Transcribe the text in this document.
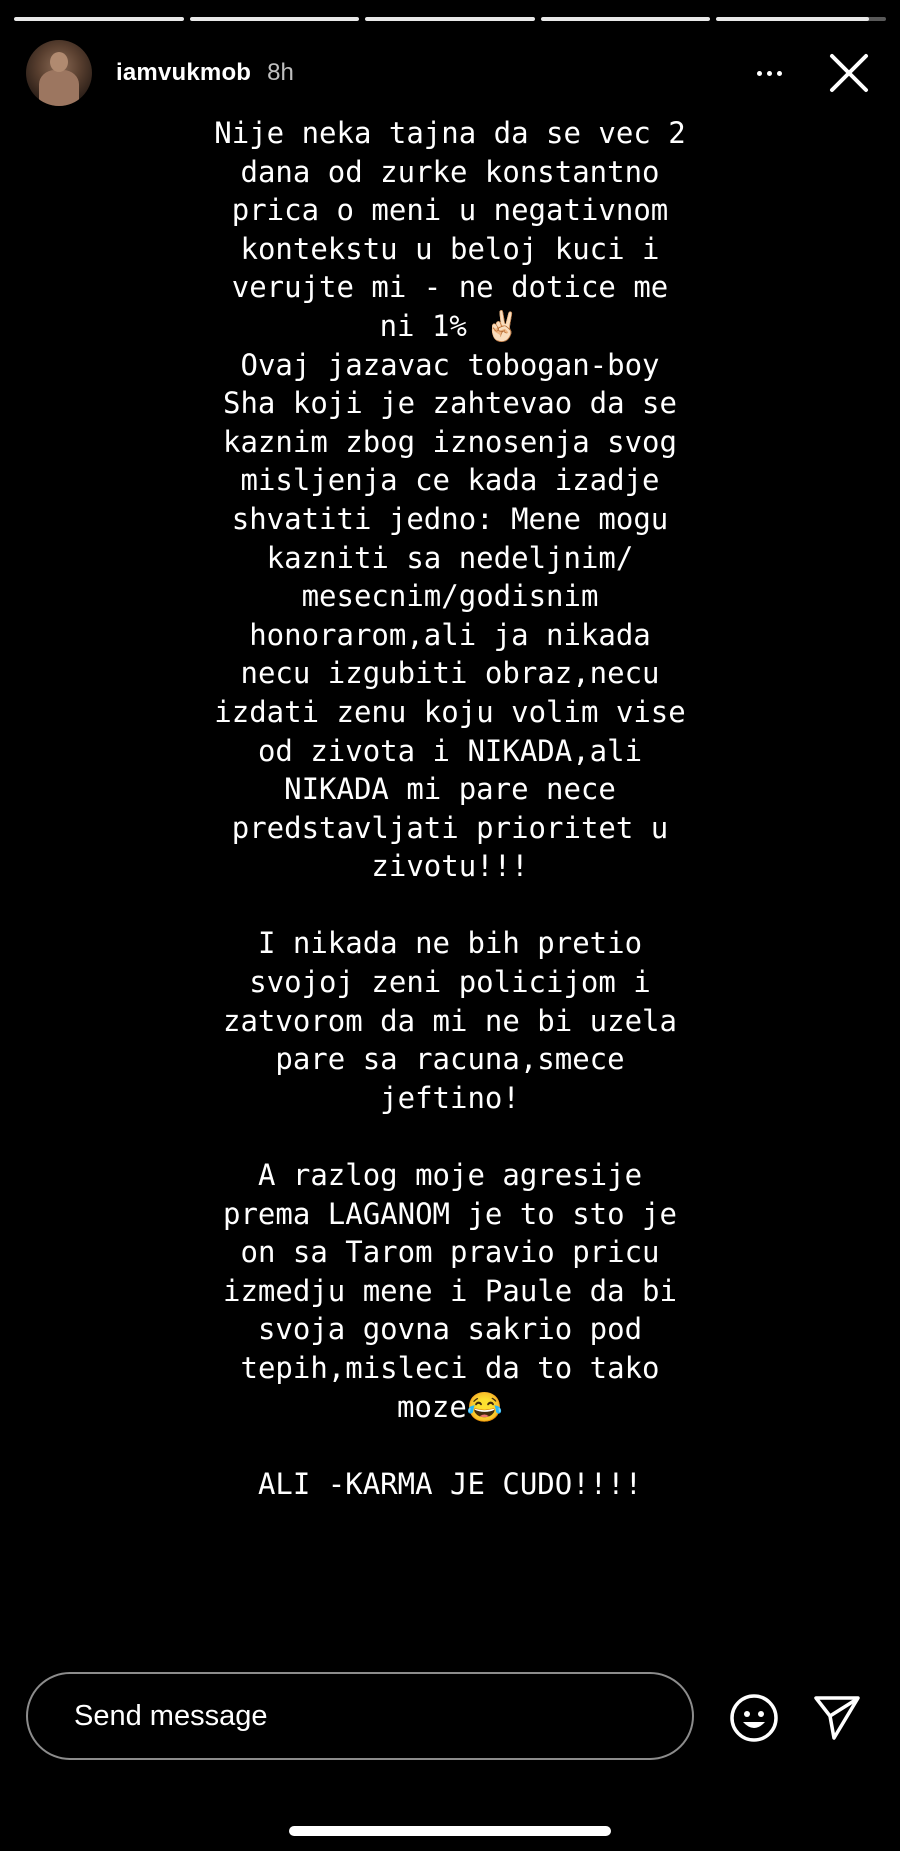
iamvukmob 8h
Nije neka tajna da se vec 2
dana od zurke konstantno
prica o meni u negativnom
kontekstu u beloj kuci i
verujte mi - ne dotice me
ni 1% ✌🏻
Ovaj jazavac tobogan-boy
Sha koji je zahtevao da se
kaznim zbog iznosenja svog
misljenja ce kada izadje
shvatiti jedno: Mene mogu
kazniti sa nedeljnim/
mesecnim/godisnim
honorarom,ali ja nikada
necu izgubiti obraz,necu
izdati zenu koju volim vise
od zivota i NIKADA,ali
NIKADA mi pare nece
predstavljati prioritet u
zivotu!!!

I nikada ne bih pretio
svojoj zeni policijom i
zatvorom da mi ne bi uzela
pare sa racuna,smece
jeftino!

A razlog moje agresije
prema LAGANOM je to sto je
on sa Tarom pravio pricu
izmedju mene i Paule da bi
svoja govna sakrio pod
tepih,misleci da to tako
moze😂

ALI -KARMA JE CUDO!!!!
Send message
